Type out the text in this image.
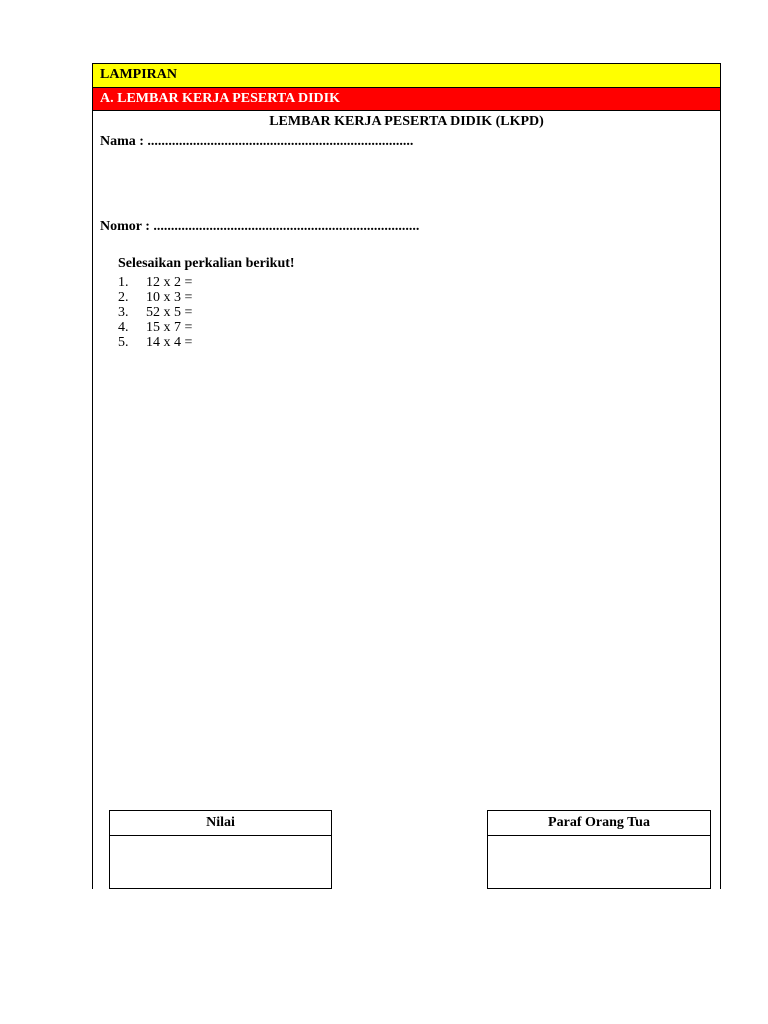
LAMPIRAN
A. LEMBAR KERJA PESERTA DIDIK
LEMBAR KERJA PESERTA DIDIK (LKPD)
Nama : ............................................................................
Nomor : ............................................................................
Selesaikan perkalian berikut!
1. 12 x 2 =
2. 10 x 3 =
3. 52 x 5 =
4. 15 x 7 =
5. 14 x 4 =
Nilai	Paraf Orang Tua
